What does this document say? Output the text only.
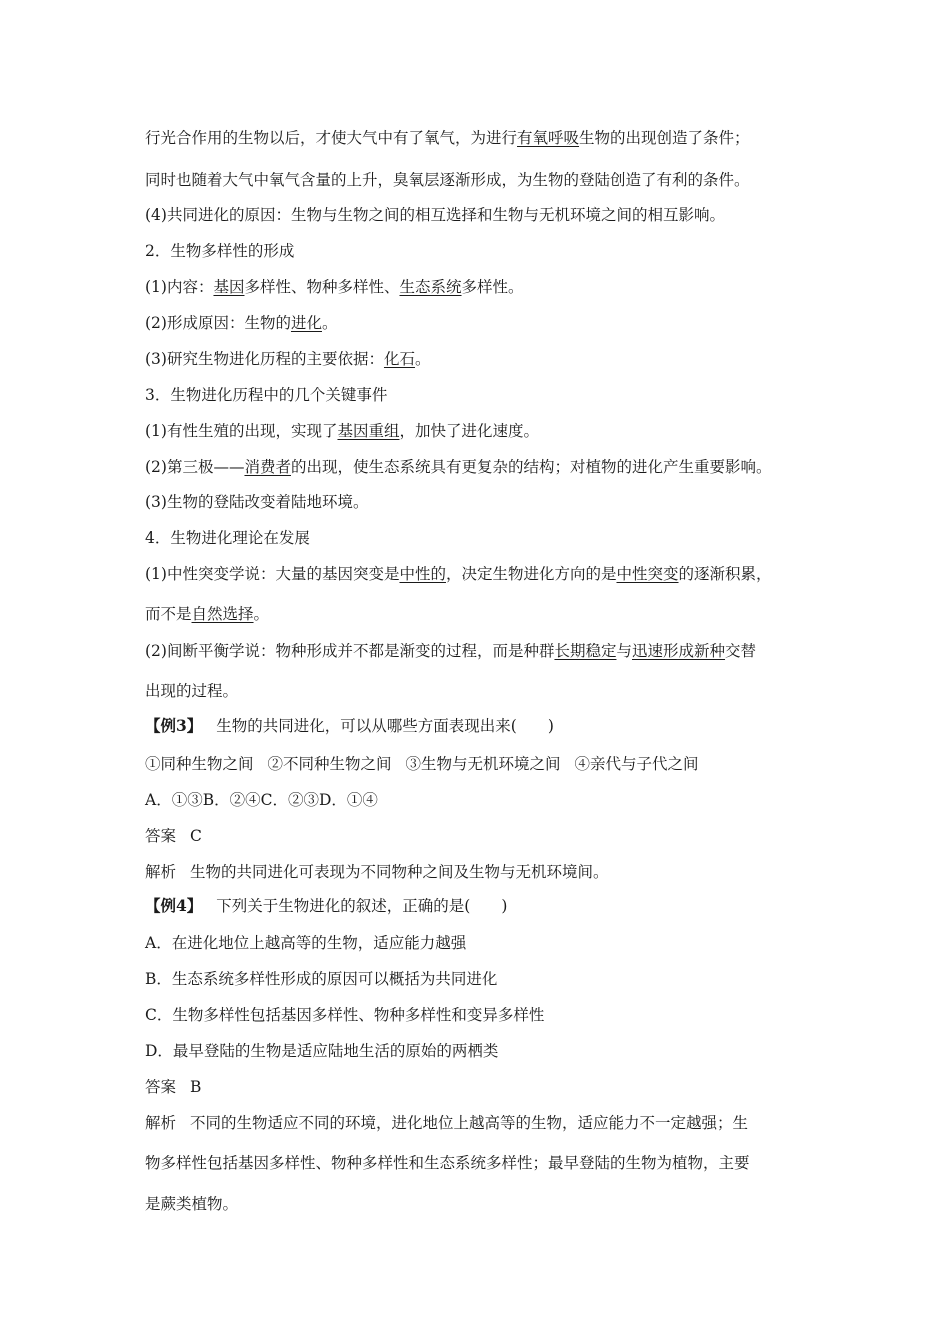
行光合作用的生物以后，才使大气中有了氧气，为进行有氧呼吸生物的出现创造了条件；
同时也随着大气中氧气含量的上升，臭氧层逐渐形成，为生物的登陆创造了有利的条件。
(4)共同进化的原因：生物与生物之间的相互选择和生物与无机环境之间的相互影响。
2．生物多样性的形成
(1)内容：基因多样性、物种多样性、生态系统多样性。
(2)形成原因：生物的进化。
(3)研究生物进化历程的主要依据：化石。
3．生物进化历程中的几个关键事件
(1)有性生殖的出现，实现了基因重组，加快了进化速度。
(2)第三极——消费者的出现，使生态系统具有更复杂的结构；对植物的进化产生重要影响。
(3)生物的登陆改变着陆地环境。
4．生物进化理论在发展
(1)中性突变学说：大量的基因突变是中性的，决定生物进化方向的是中性突变的逐渐积累，
而不是自然选择。
(2)间断平衡学说：物种形成并不都是渐变的过程，而是种群长期稳定与迅速形成新种交替
出现的过程。
【例3】 生物的共同进化，可以从哪些方面表现出来(　　)
①同种生物之间 ②不同种生物之间 ③生物与无机环境之间 ④亲代与子代之间
A．①③B．②④C．②③D．①④
答案 C
解析 生物的共同进化可表现为不同物种之间及生物与无机环境间。
【例4】 下列关于生物进化的叙述，正确的是(　　)
A．在进化地位上越高等的生物，适应能力越强
B．生态系统多样性形成的原因可以概括为共同进化
C．生物多样性包括基因多样性、物种多样性和变异多样性
D．最早登陆的生物是适应陆地生活的原始的两栖类
答案 B
解析 不同的生物适应不同的环境，进化地位上越高等的生物，适应能力不一定越强；生
物多样性包括基因多样性、物种多样性和生态系统多样性；最早登陆的生物为植物，主要
是蕨类植物。
